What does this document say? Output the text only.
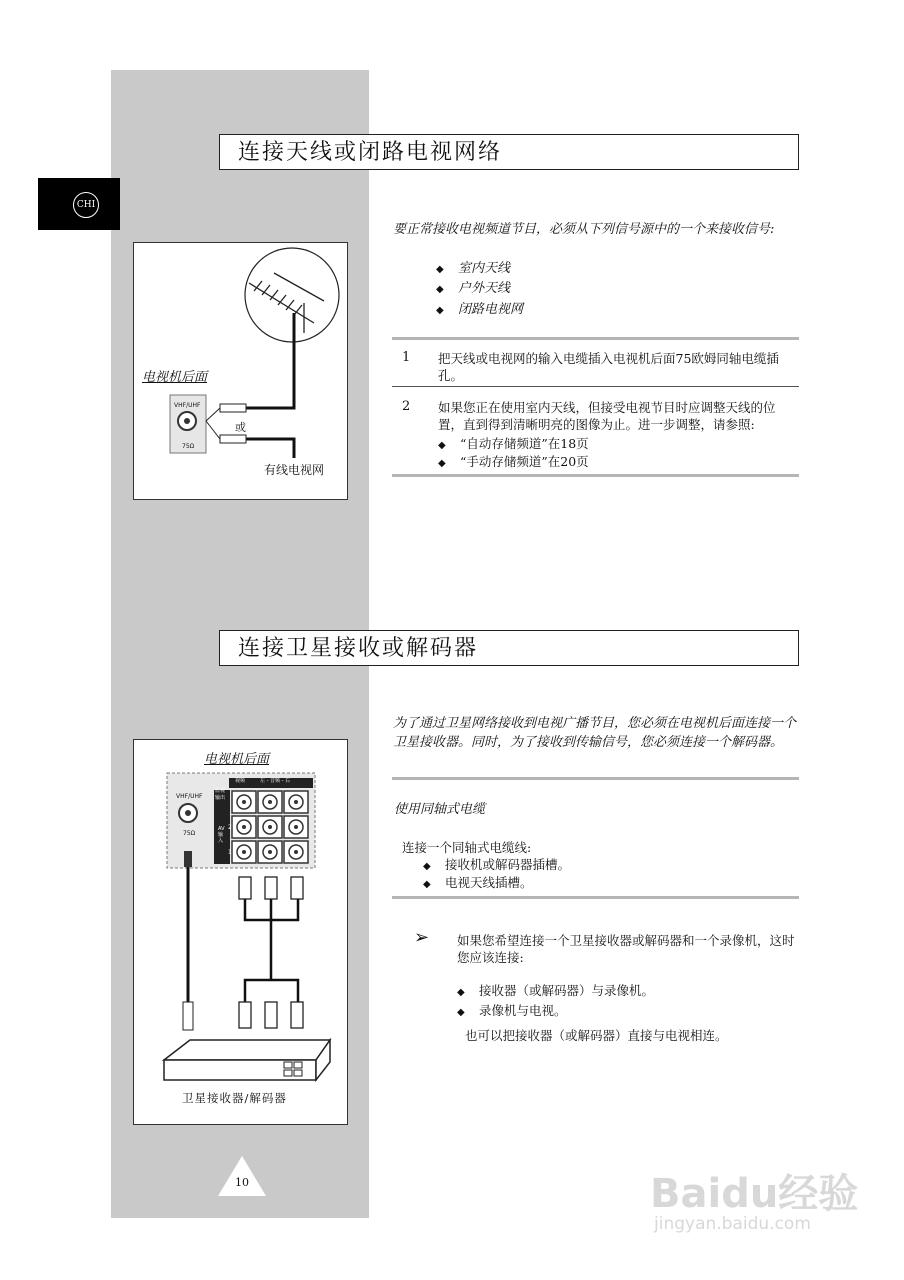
CHI
连接天线或闭路电视网络
电视机后面
VHF/UHF
75Ω
或
有线电视网
要正常接收电视频道节目，必须从下列信号源中的一个来接收信号:
◆ 室内天线
◆ 户外天线
◆ 闭路电视网
1 把天线或电视网的输入电缆插入电视机后面75欧姆同轴电缆插孔。
2 如果您正在使用室内天线，但接受电视节目时应调整天线的位置，直到得到清晰明亮的图像为止。进一步调整，请参照:
◆ “自动存储频道”在18页
◆ “手动存储频道”在20页
连接卫星接收或解码器
电视机后面
VHF/UHF
75Ω
视频	左 - 音频 - 右
监视输出
AV输入
2
1
卫星接收器/解码器
为了通过卫星网络接收到电视广播节目，您必须在电视机后面连接一个卫星接收器。同时，为了接收到传输信号，您必须连接一个解码器。
使用同轴式电缆
连接一个同轴式电缆线:
◆ 接收机或解码器插槽。
◆ 电视天线插槽。
➢ 如果您希望连接一个卫星接收器或解码器和一个录像机，这时您应该连接:
◆ 接收器（或解码器）与录像机。
◆ 录像机与电视。
也可以把接收器（或解码器）直接与电视相连。
10	Baidu经验
jingyan.baidu.com
